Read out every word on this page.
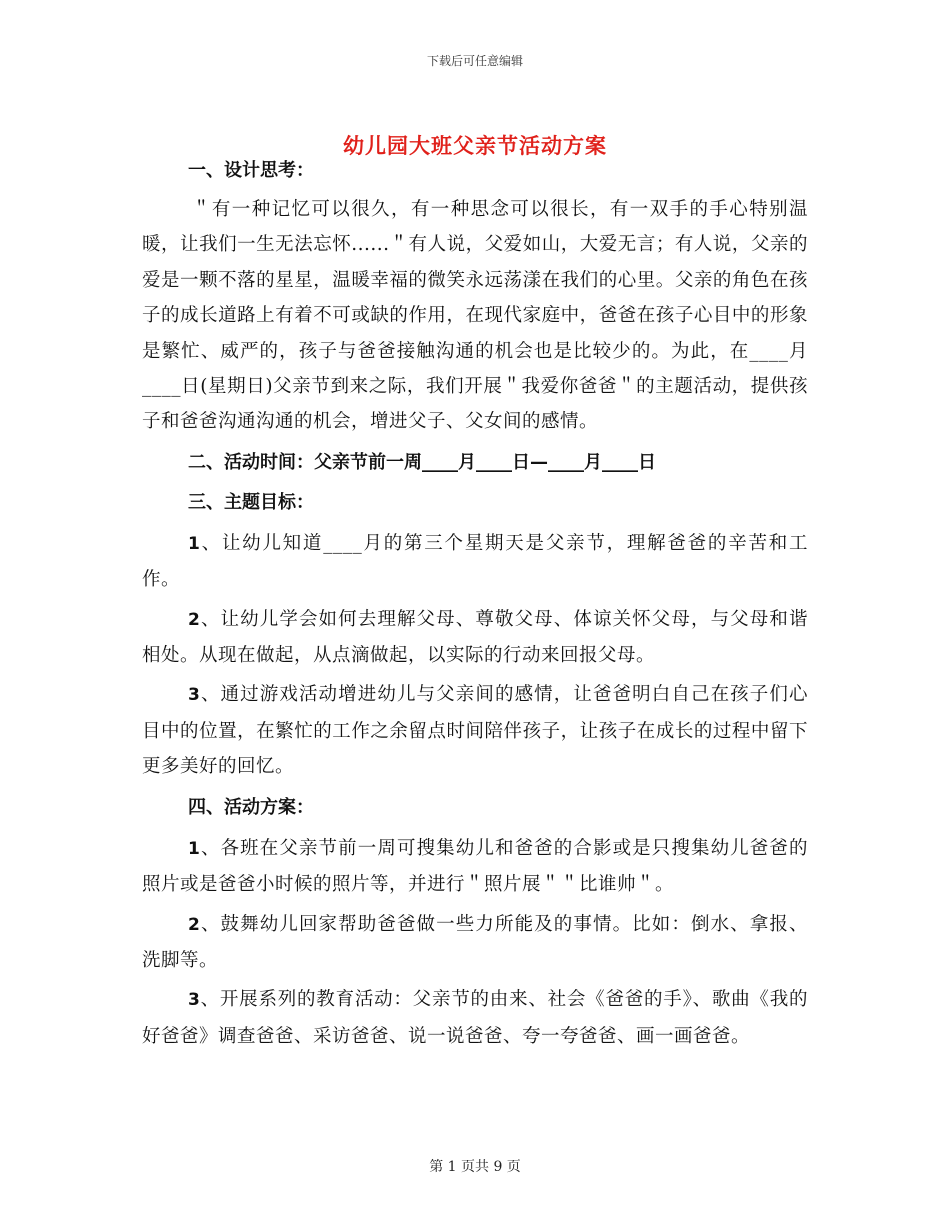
下载后可任意编辑
幼儿园大班父亲节活动方案
一、设计思考：

＂有一种记忆可以很久，有一种思念可以很长，有一双手的手心特别温暖，让我们一生无法忘怀......＂有人说，父爱如山，大爱无言；有人说，父亲的爱是一颗不落的星星，温暖幸福的微笑永远荡漾在我们的心里。父亲的角色在孩子的成长道路上有着不可或缺的作用，在现代家庭中，爸爸在孩子心目中的形象是繁忙、威严的，孩子与爸爸接触沟通的机会也是比较少的。为此，在____月____日(星期日)父亲节到来之际，我们开展＂我爱你爸爸＂的主题活动，提供孩子和爸爸沟通沟通的机会，增进父子、父女间的感情。

二、活动时间：父亲节前一周____月____日—____月____日
三、主题目标：

1、让幼儿知道____月的第三个星期天是父亲节，理解爸爸的辛苦和工作。

2、让幼儿学会如何去理解父母、尊敬父母、体谅关怀父母，与父母和谐相处。从现在做起，从点滴做起，以实际的行动来回报父母。

3、通过游戏活动增进幼儿与父亲间的感情，让爸爸明白自己在孩子们心目中的位置，在繁忙的工作之余留点时间陪伴孩子，让孩子在成长的过程中留下更多美好的回忆。

四、活动方案：

1、各班在父亲节前一周可搜集幼儿和爸爸的合影或是只搜集幼儿爸爸的照片或是爸爸小时候的照片等，并进行＂照片展＂＂比谁帅＂。

2、鼓舞幼儿回家帮助爸爸做一些力所能及的事情。比如：倒水、拿报、洗脚等。

3、开展系列的教育活动：父亲节的由来、社会《爸爸的手》、歌曲《我的好爸爸》调查爸爸、采访爸爸、说一说爸爸、夸一夸爸爸、画一画爸爸。

第 1 页共 9 页
